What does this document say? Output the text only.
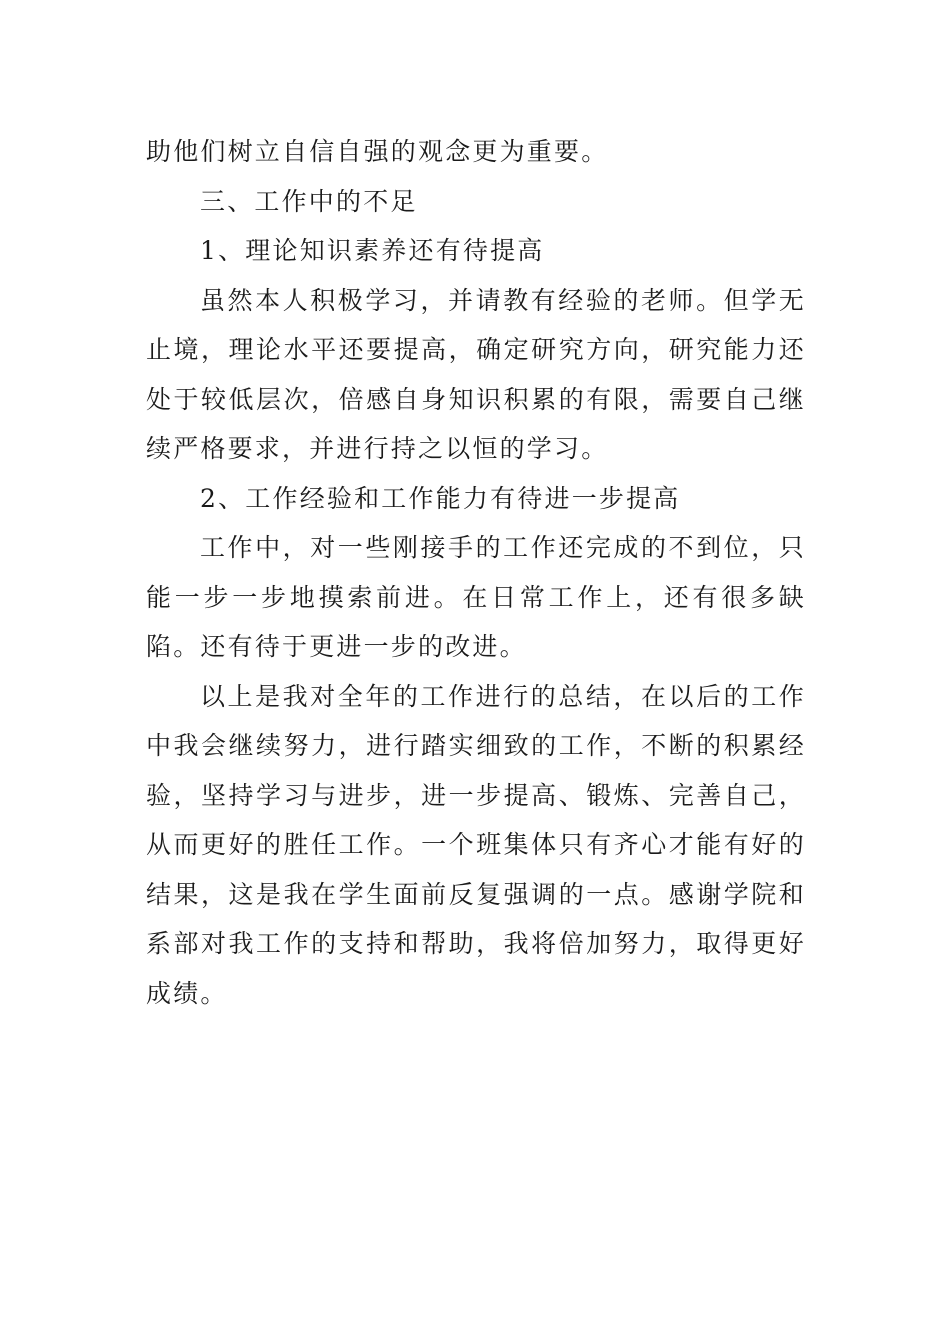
助他们树立自信自强的观念更为重要。

三、工作中的不足

1、理论知识素养还有待提高

虽然本人积极学习，并请教有经验的老师。但学无止境，理论水平还要提高，确定研究方向，研究能力还处于较低层次，倍感自身知识积累的有限，需要自己继续严格要求，并进行持之以恒的学习。

2、工作经验和工作能力有待进一步提高

工作中，对一些刚接手的工作还完成的不到位，只能一步一步地摸索前进。在日常工作上，还有很多缺陷。还有待于更进一步的改进。

以上是我对全年的工作进行的总结，在以后的工作中我会继续努力，进行踏实细致的工作，不断的积累经验，坚持学习与进步，进一步提高、锻炼、完善自己，从而更好的胜任工作。一个班集体只有齐心才能有好的结果，这是我在学生面前反复强调的一点。感谢学院和系部对我工作的支持和帮助，我将倍加努力，取得更好成绩。
